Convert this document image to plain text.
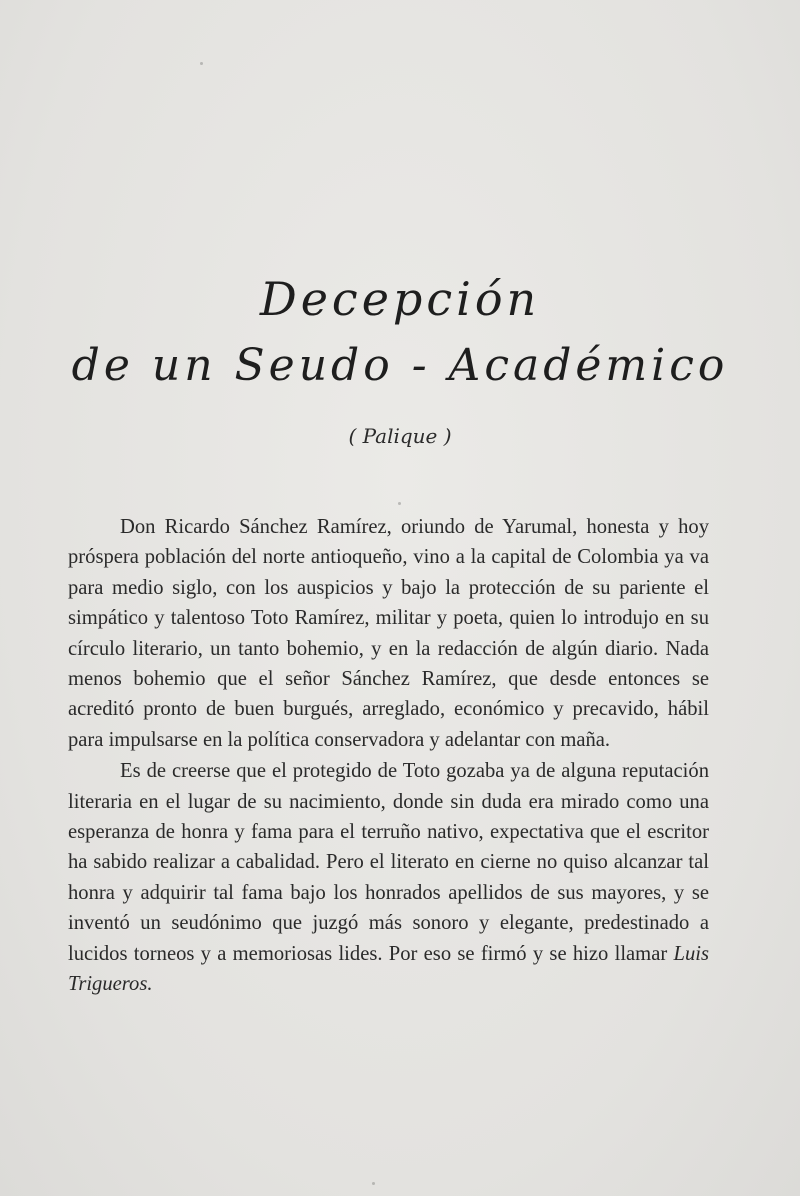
Decepción
de un Seudo - Académico
( Palique )

Don Ricardo Sánchez Ramírez, oriundo de Yarumal, honesta y hoy próspera población del norte antioqueño, vino a la capital de Colombia ya va para medio siglo, con los auspicios y bajo la protección de su pariente el simpático y talentoso Toto Ramírez, militar y poeta, quien lo introdujo en su círculo literario, un tanto bohemio, y en la redacción de algún diario. Nada menos bohemio que el señor Sánchez Ramírez, que desde entonces se acreditó pronto de buen burgués, arreglado, económico y precavido, hábil para impulsarse en la política conservadora y adelantar con maña.

Es de creerse que el protegido de Toto gozaba ya de alguna reputación literaria en el lugar de su nacimiento, donde sin duda era mirado como una esperanza de honra y fama para el terruño nativo, expectativa que el escritor ha sabido realizar a cabalidad. Pero el literato en cierne no quiso alcanzar tal honra y adquirir tal fama bajo los honrados apellidos de sus mayores, y se inventó un seudónimo que juzgó más sonoro y elegante, predestinado a lucidos torneos y a memoriosas lides. Por eso se firmó y se hizo llamar Luis Trigueros.
